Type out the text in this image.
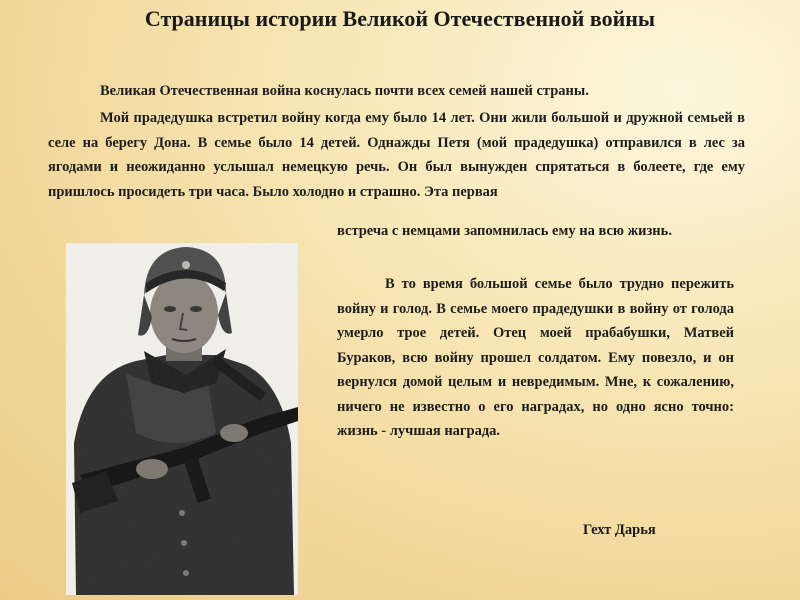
Страницы истории Великой Отечественной войны

Великая Отечественная война коснулась почти всех семей нашей страны.

Мой прадедушка встретил войну когда ему было 14 лет. Они жили большой и дружной семьей в селе на берегу Дона. В семье было 14 детей. Однажды Петя (мой прадедушка) отправился в лес за ягодами и неожиданно услышал немецкую речь. Он был вынужден спрятаться в болеете, где ему пришлось просидеть три часа. Было холодно и страшно. Эта первая

встреча с немцами запомнилась ему на всю жизнь.

В то время большой семье было трудно пережить войну и голод. В семье моего прадедушки в войну от голода умерло трое детей. Отец моей прабабушки, Матвей Бураков, всю войну прошел солдатом. Ему повезло, и он вернулся домой целым и невредимым. Мне, к сожалению, ничего не известно о его наградах, но одно ясно точно: жизнь - лучшая награда.

Гехт Дарья
